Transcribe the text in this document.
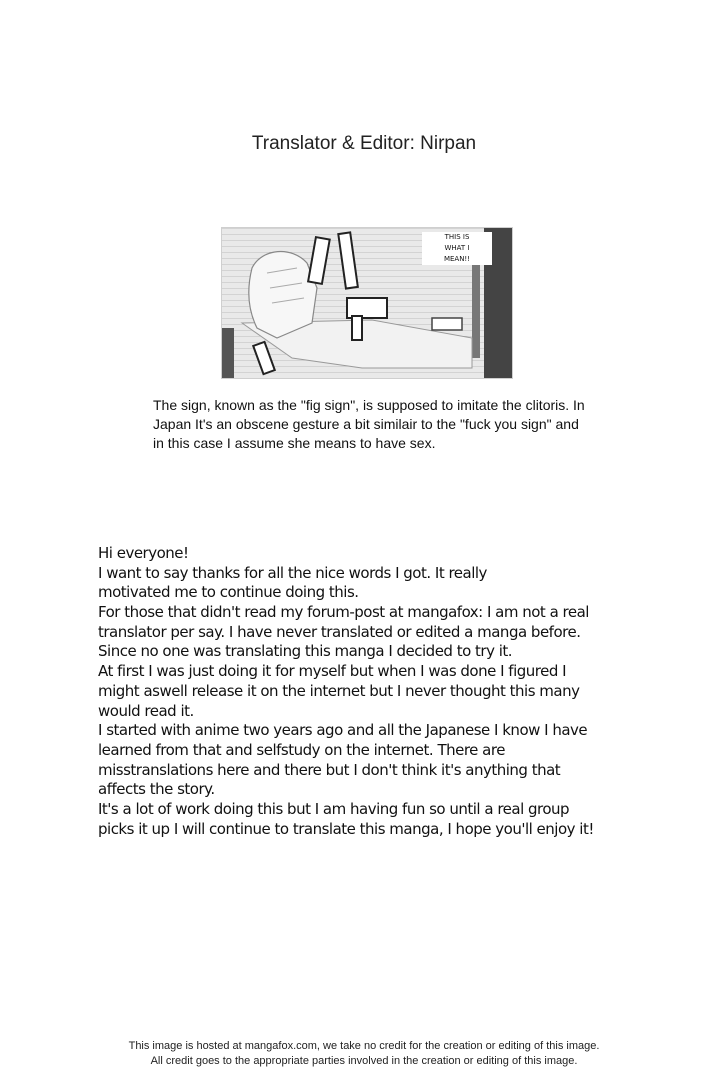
Translator & Editor: Nirpan
THIS IS
WHAT I
MEAN!!
The sign, known as the "fig sign", is supposed to imitate the clitoris. In Japan It's an obscene gesture a bit similair to the "fuck you sign" and in this case I assume she means to have sex.
Hi everyone!
I want to say thanks for all the nice words I got. It really
motivated me to continue doing this.
For those that didn't read my forum-post at mangafox: I am not a real
translator per say. I have never translated or edited a manga before.
Since no one was translating this manga I decided to try it.
At first I was just doing it for myself but when I was done I figured I
might aswell release it on the internet but I never thought this many
would read it.
I started with anime two years ago and all the Japanese I know I have
learned from that and selfstudy on the internet. There are
misstranslations here and there but I don't think it's anything that
affects the story.
It's a lot of work doing this but I am having fun so until a real group
picks it up I will continue to translate this manga, I hope you'll enjoy it!
This image is hosted at mangafox.com, we take no credit for the creation or editing of this image.
All credit goes to the appropriate parties involved in the creation or editing of this image.
